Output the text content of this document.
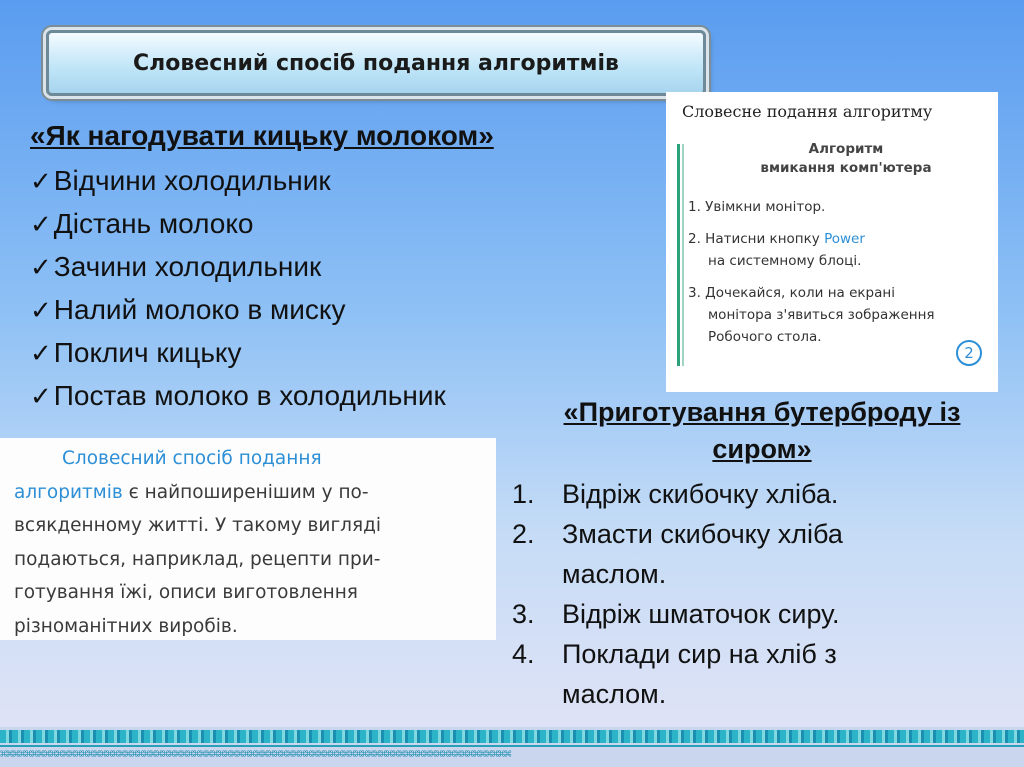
Словесний спосіб подання алгоритмів
«Як нагодувати кицьку молоком»
✓Відчини холодильник
✓Дістань молоко
✓Зачини холодильник
✓Налий молоко в миску
✓Поклич кицьку
✓Постав молоко в холодильник
Словесне подання алгоритму
Алгоритм
вмикання комп'ютера
1. Увімкни монітор.
2. Натисни кнопку Power
на системному блоці.
3. Дочекайся, коли на екрані
монітора з'явиться зображення
Робочого стола.
2
Словесний спосіб подання
алгоритмів є найпоширенішим у по-
всякденному житті. У такому вигляді
подаються, наприклад, рецепти при-
готування їжі, описи виготовлення
різноманітних виробів.
«Приготування бутерброду із
сиром»
1. Відріж скибочку хліба.
2. Змасти скибочку хліба
маслом.
3. Відріж шматочок сиру.
4. Поклади сир на хліб з
маслом.
⌘⌘⌘⌘⌘⌘⌘⌘⌘⌘⌘⌘⌘⌘⌘⌘⌘⌘⌘⌘⌘⌘⌘⌘⌘⌘⌘⌘⌘⌘⌘⌘⌘⌘⌘⌘⌘⌘⌘⌘⌘⌘⌘⌘⌘⌘⌘⌘⌘⌘⌘⌘⌘⌘⌘⌘⌘⌘⌘⌘⌘⌘⌘⌘⌘⌘⌘⌘⌘⌘⌘⌘⌘⌘⌘⌘⌘⌘⌘⌘⌘⌘
